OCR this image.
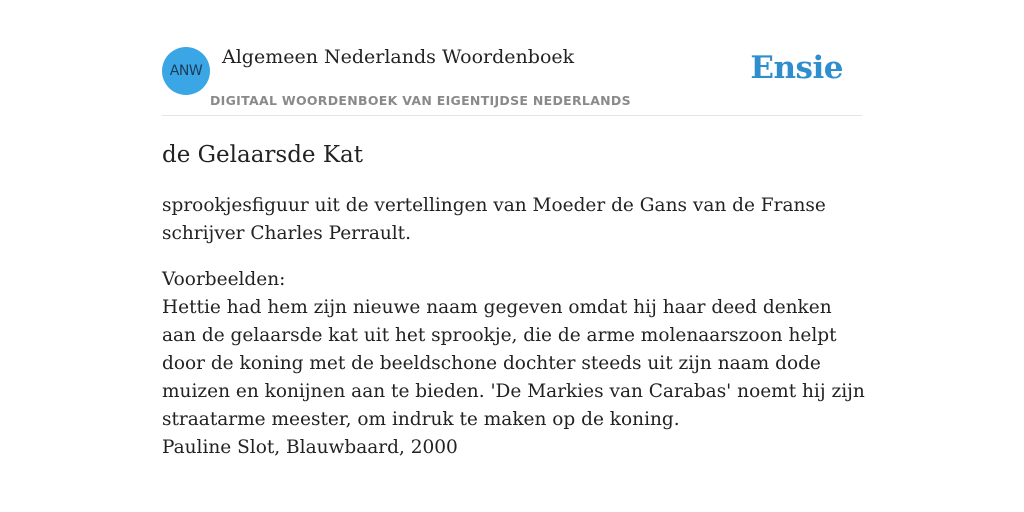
ANW
Algemeen Nederlands Woordenboek
DIGITAAL WOORDENBOEK VAN EIGENTIJDSE NEDERLANDS
Ensie
de Gelaarsde Kat

sprookjesfiguur uit de vertellingen van Moeder de Gans van de Franse schrijver Charles Perrault.

Voorbeelden:
Hettie had hem zijn nieuwe naam gegeven omdat hij haar deed denken aan de gelaarsde kat uit het sprookje, die de arme molenaarszoon helpt door de koning met de beeldschone dochter steeds uit zijn naam dode muizen en konijnen aan te bieden. 'De Markies van Carabas' noemt hij zijn straatarme meester, om indruk te maken op de koning.
Pauline Slot, Blauwbaard, 2000
